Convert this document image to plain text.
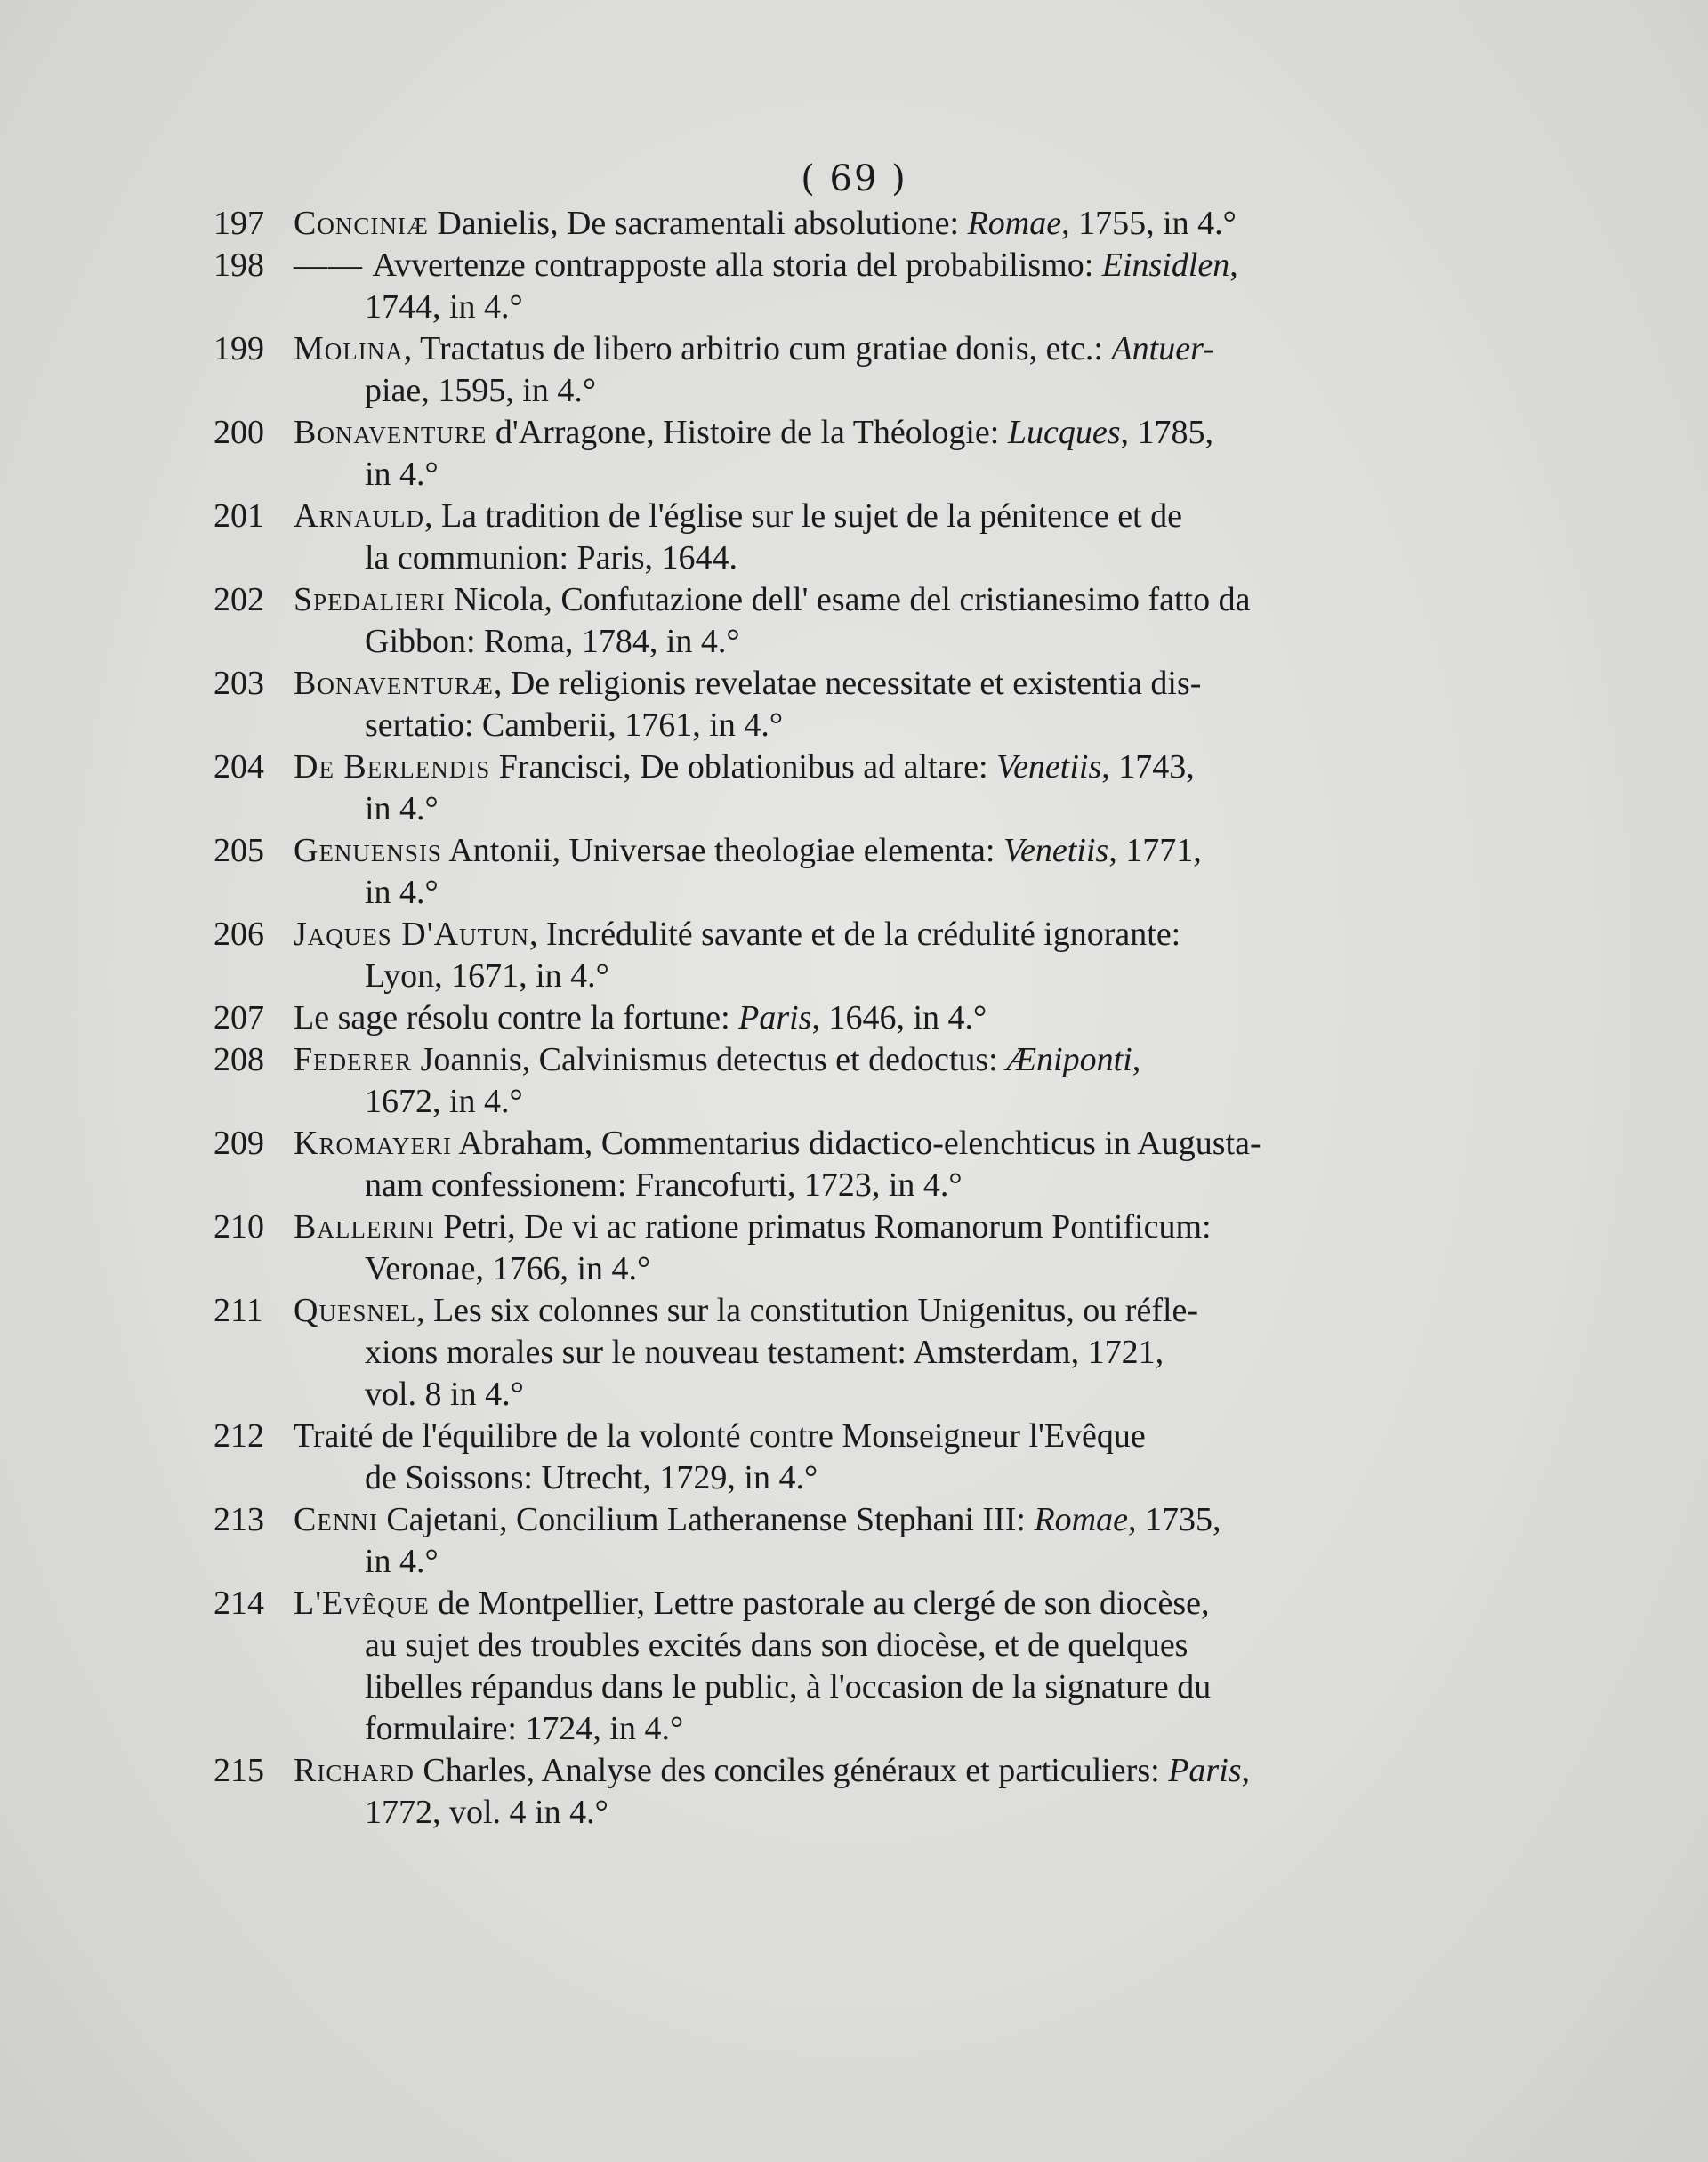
( 69 )
197 Conciniæ Danielis, De sacramentali absolutione: Romae, 1755, in 4.°
198 —— Avvertenze contrapposte alla storia del probabilismo: Einsidlen,
1744, in 4.°
199 Molina, Tractatus de libero arbitrio cum gratiae donis, etc.: Antuer-
piae, 1595, in 4.°
200 Bonaventure d'Arragone, Histoire de la Théologie: Lucques, 1785,
in 4.°
201 Arnauld, La tradition de l'église sur le sujet de la pénitence et de
la communion: Paris, 1644.
202 Spedalieri Nicola, Confutazione dell' esame del cristianesimo fatto da
Gibbon: Roma, 1784, in 4.°
203 Bonaventuræ, De religionis revelatae necessitate et existentia dis-
sertatio: Camberii, 1761, in 4.°
204 De Berlendis Francisci, De oblationibus ad altare: Venetiis, 1743,
in 4.°
205 Genuensis Antonii, Universae theologiae elementa: Venetiis, 1771,
in 4.°
206 Jaques D'Autun, Incrédulité savante et de la crédulité ignorante:
Lyon, 1671, in 4.°
207 Le sage résolu contre la fortune: Paris, 1646, in 4.°
208 Federer Joannis, Calvinismus detectus et dedoctus: Æniponti,
1672, in 4.°
209 Kromayeri Abraham, Commentarius didactico-elenchticus in Augusta-
nam confessionem: Francofurti, 1723, in 4.°
210 Ballerini Petri, De vi ac ratione primatus Romanorum Pontificum:
Veronae, 1766, in 4.°
211 Quesnel, Les six colonnes sur la constitution Unigenitus, ou réfle-
xions morales sur le nouveau testament: Amsterdam, 1721,
vol. 8 in 4.°
212 Traité de l'équilibre de la volonté contre Monseigneur l'Evêque
de Soissons: Utrecht, 1729, in 4.°
213 Cenni Cajetani, Concilium Latheranense Stephani III: Romae, 1735,
in 4.°
214 L'Evêque de Montpellier, Lettre pastorale au clergé de son diocèse,
au sujet des troubles excités dans son diocèse, et de quelques
libelles répandus dans le public, à l'occasion de la signature du
formulaire: 1724, in 4.°
215 Richard Charles, Analyse des conciles généraux et particuliers: Paris,
1772, vol. 4 in 4.°
